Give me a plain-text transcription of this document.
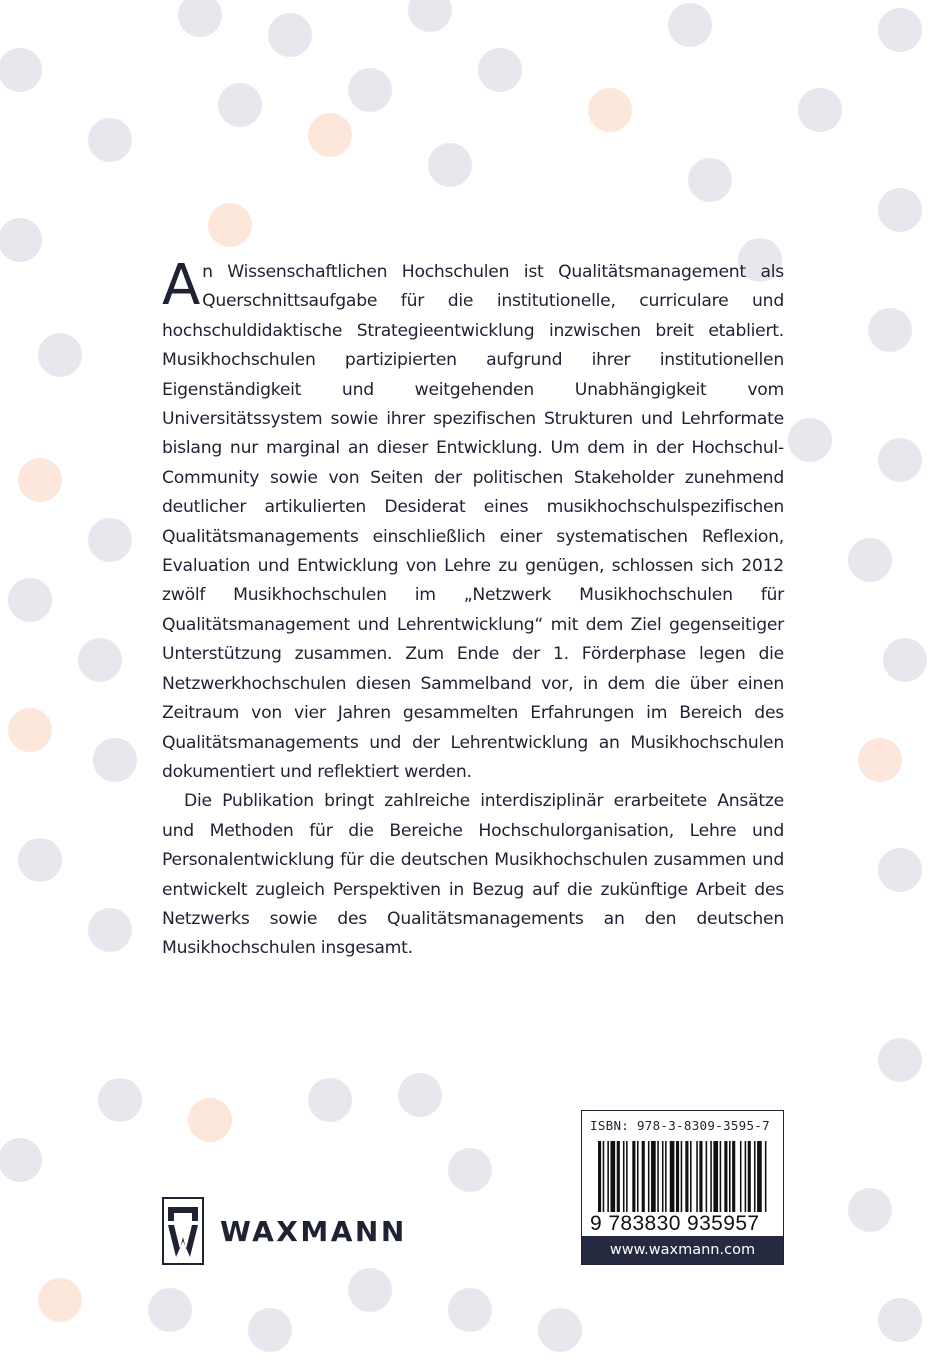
An Wissenschaftlichen Hochschulen ist Qualitätsmanagement als Querschnittsaufgabe für die institutionelle, curriculare und hochschuldidaktische Strategieentwicklung inzwischen breit etabliert. Musikhochschulen partizipierten aufgrund ihrer institutionellen Eigenständigkeit und weitgehenden Unabhängigkeit vom Universitätssystem sowie ihrer spezifischen Strukturen und Lehrformate bislang nur marginal an dieser Entwicklung. Um dem in der Hochschul-Community sowie von Seiten der politischen Stakeholder zunehmend deutlicher artikulierten Desiderat eines musikhochschulspezifischen Qualitätsmanagements einschließlich einer systematischen Reflexion, Evaluation und Entwicklung von Lehre zu genügen, schlossen sich 2012 zwölf Musikhochschulen im „Netzwerk Musikhochschulen für Qualitätsmanagement und Lehrentwicklung“ mit dem Ziel gegenseitiger Unterstützung zusammen. Zum Ende der 1. Förderphase legen die Netzwerkhochschulen diesen Sammelband vor, in dem die über einen Zeitraum von vier Jahren gesammelten Erfahrungen im Bereich des Qualitätsmanagements und der Lehrentwicklung an Musikhochschulen dokumentiert und reflektiert werden.

Die Publikation bringt zahlreiche interdisziplinär erarbeitete Ansätze und Methoden für die Bereiche Hochschulorganisation, Lehre und Personalentwicklung für die deutschen Musikhochschulen zusammen und entwickelt zugleich Perspektiven in Bezug auf die zukünftige Arbeit des Netzwerks sowie des Qualitätsmanagements an den deutschen Musikhochschulen insgesamt.

WAXMANN
ISBN: 978-3-8309-3595-7
9 783830 935957
www.waxmann.com
